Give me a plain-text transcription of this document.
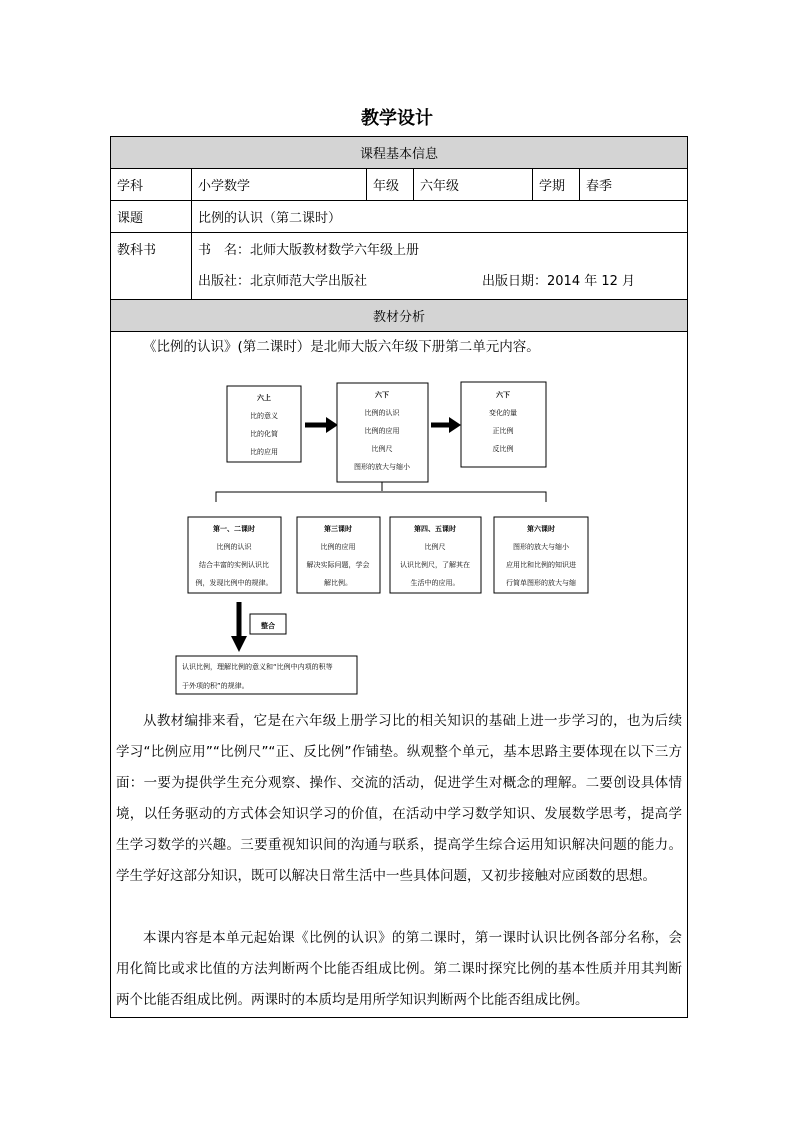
教学设计
课程基本信息					
学科	小学数学	年级	六年级	学期	春季
课题	比例的认识（第二课时）				
教科书	书　名：北师大版教材数学六年级上册
出版社：北京师范大学出版社 出版日期：2014 年 12 月				

教材分析					

《比例的认识》(第二课时）是北师大版六年级下册第二单元内容。

六上
比的意义
比的化简
比的应用
六下
比例的认识
比例的应用
比例尺
图形的放大与缩小
六下
变化的量
正比例
反比例
第一、二课时
比例的认识
结合丰富的实例认识比
例，发现比例中的规律。
第三课时
比例的应用
解决实际问题，学会
解比例。
第四、五课时
比例尺
认识比例尺，了解其在
生活中的应用。
第六课时
图形的放大与缩小
应用比和比例的知识进
行简单图形的放大与缩
整合
认识比例，理解比例的意义和“比例中内项的积等
于外项的积”的规律。

从教材编排来看，它是在六年级上册学习比的相关知识的基础上进一步学习的，也为后续学习“比例应用”“比例尺”“正、反比例”作铺垫。纵观整个单元，基本思路主要体现在以下三方面：一要为提供学生充分观察、操作、交流的活动，促进学生对概念的理解。二要创设具体情境，以任务驱动的方式体会知识学习的价值，在活动中学习数学知识、发展数学思考，提高学生学习数学的兴趣。三要重视知识间的沟通与联系，提高学生综合运用知识解决问题的能力。学生学好这部分知识，既可以解决日常生活中一些具体问题，又初步接触对应函数的思想。

本课内容是本单元起始课《比例的认识》的第二课时，第一课时认识比例各部分名称，会用化简比或求比值的方法判断两个比能否组成比例。第二课时探究比例的基本性质并用其判断两个比能否组成比例。两课时的本质均是用所学知识判断两个比能否组成比例。
